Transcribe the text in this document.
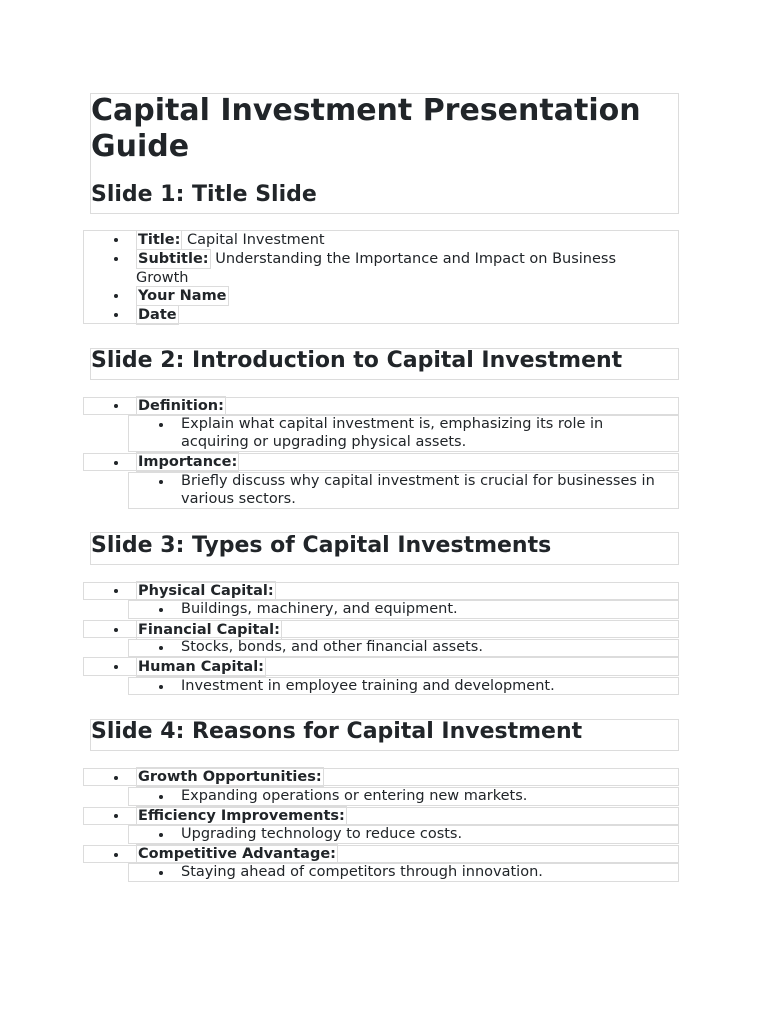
Capital Investment Presentation Guide
Slide 1: Title Slide
Title: Capital Investment
Subtitle: Understanding the Importance and Impact on Business Growth
Your Name
Date
Slide 2: Introduction to Capital Investment
Definition:
Explain what capital investment is, emphasizing its role in acquiring or upgrading physical assets.
Importance:
Briefly discuss why capital investment is crucial for businesses in various sectors.
Slide 3: Types of Capital Investments
Physical Capital:
Buildings, machinery, and equipment.
Financial Capital:
Stocks, bonds, and other financial assets.
Human Capital:
Investment in employee training and development.
Slide 4: Reasons for Capital Investment
Growth Opportunities:
Expanding operations or entering new markets.
Efficiency Improvements:
Upgrading technology to reduce costs.
Competitive Advantage:
Staying ahead of competitors through innovation.
